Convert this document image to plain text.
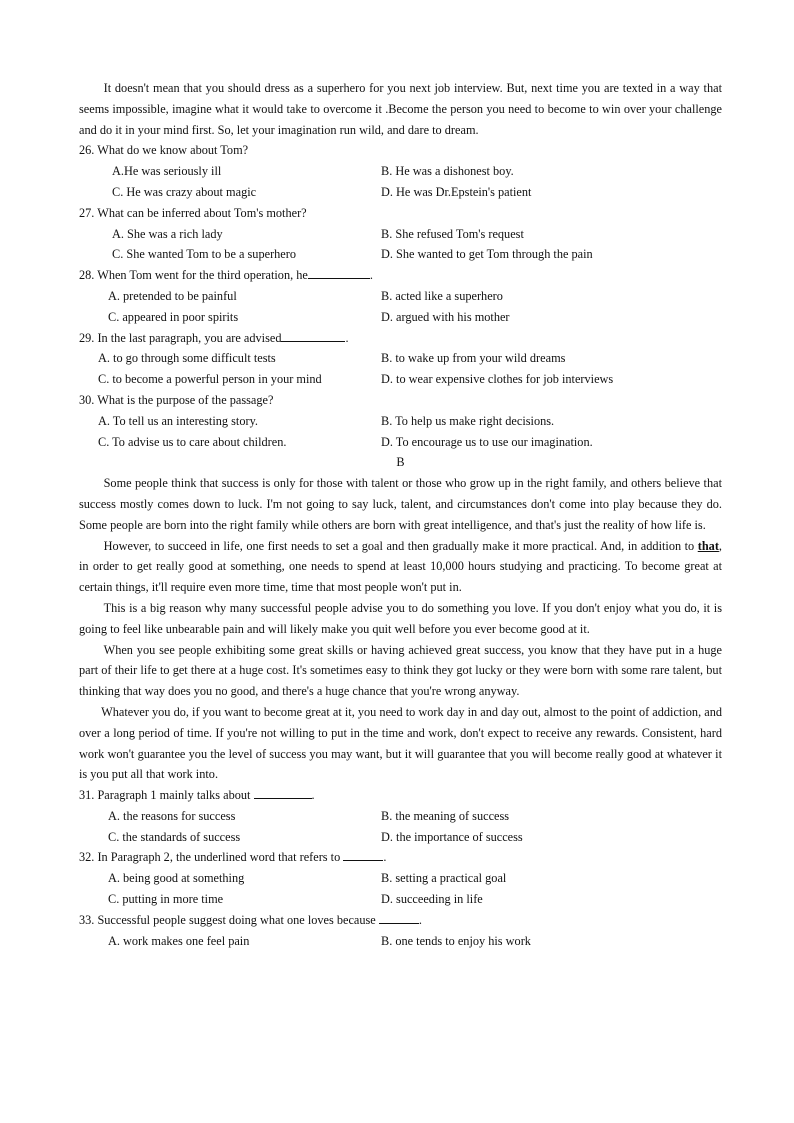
It doesn't mean that you should dress as a superhero for you next job interview. But, next time you are texted in a way that seems impossible, imagine what it would take to overcome it .Become the person you need to become to win over your challenge and do it in your mind first. So, let your imagination run wild, and dare to dream.

26. What do we know about Tom?

A.He was seriously ill	B. He was a dishonest boy.
C. He was crazy about magic	D. He was Dr.Epstein's patient

27. What can be inferred about Tom's mother?

A. She was a rich lady	B. She refused Tom's request
C. She wanted Tom to be a superhero	D. She wanted to get Tom through the pain

28. When Tom went for the third operation, he	.

A. pretended to be painful	B. acted like a superhero
C. appeared in poor spirits	D. argued with his mother

29. In the last paragraph, you are advised	.

A. to go through some difficult tests	B. to wake up from your wild dreams
C. to become a powerful person in your mind	D. to wear expensive clothes for job interviews

30. What is the purpose of the passage?

A. To tell us an interesting story.	B. To help us make right decisions.
C. To advise us to care about children.	D. To encourage us to use our imagination.

B

Some people think that success is only for those with talent or those who grow up in the right family, and others believe that success mostly comes down to luck. I'm not going to say luck, talent, and circumstances don't come into play because they do. Some people are born into the right family while others are born with great intelligence, and that's just the reality of how life is.

However, to succeed in life, one first needs to set a goal and then gradually make it more practical. And, in addition to that, in order to get really good at something, one needs to spend at least 10,000 hours studying and practicing. To become great at certain things, it'll require even more time, time that most people won't put in.

This is a big reason why many successful people advise you to do something you love. If you don't enjoy what you do, it is going to feel like unbearable pain and will likely make you quit well before you ever become good at it.

When you see people exhibiting some great skills or having achieved great success, you know that they have put in a huge part of their life to get there at a huge cost. It's sometimes easy to think they got lucky or they were born with some rare talent, but thinking that way does you no good, and there's a huge chance that you're wrong anyway.

Whatever you do, if you want to become great at it, you need to work day in and day out, almost to the point of addiction, and over a long period of time. If you're not willing to put in the time and work, don't expect to receive any rewards. Consistent, hard work won't guarantee you the level of success you may want, but it will guarantee that you will become really good at whatever it is you put all that work into.

31. Paragraph 1 mainly talks about	.

A. the reasons for success	B. the meaning of success
C. the standards of success	D. the importance of success

32. In Paragraph 2, the underlined word that refers to	.

A. being good at something	B. setting a practical goal
C. putting in more time	D. succeeding in life

33. Successful people suggest doing what one loves because	.

A. work makes one feel pain	B. one tends to enjoy his work
